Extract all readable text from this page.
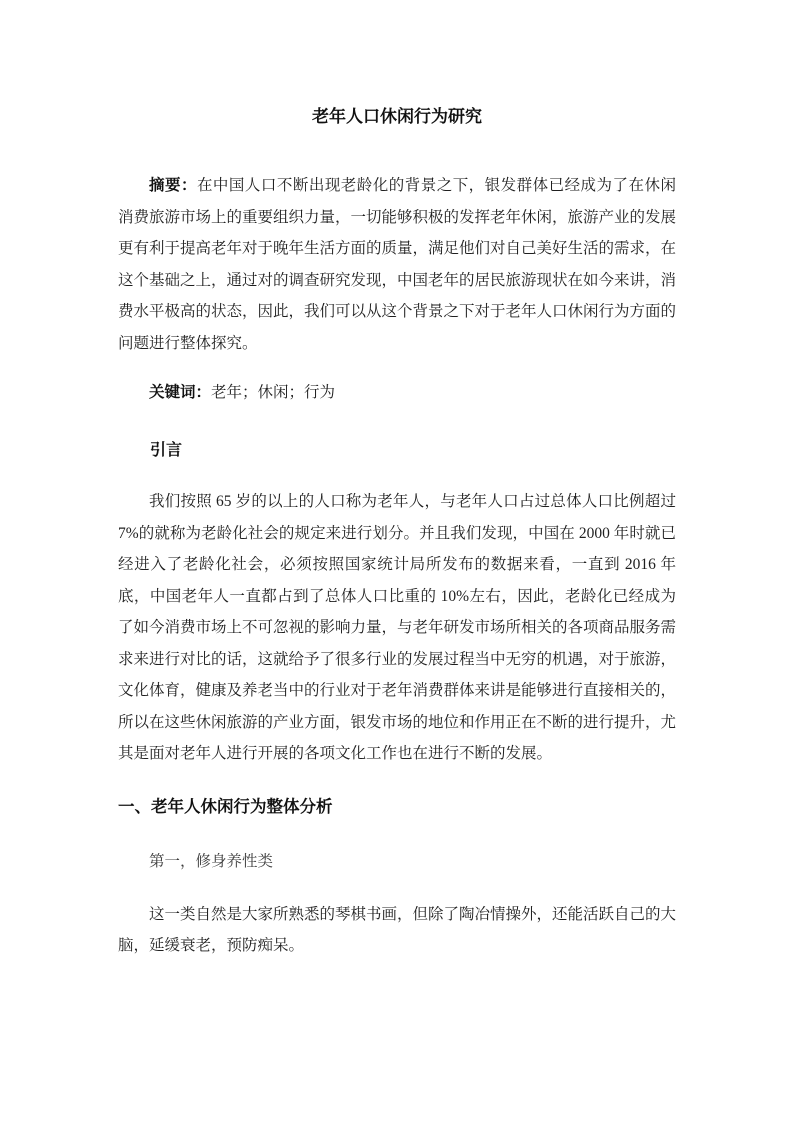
老年人口休闲行为研究

摘要：在中国人口不断出现老龄化的背景之下，银发群体已经成为了在休闲消费旅游市场上的重要组织力量，一切能够积极的发挥老年休闲，旅游产业的发展更有利于提高老年对于晚年生活方面的质量，满足他们对自己美好生活的需求，在这个基础之上，通过对的调查研究发现，中国老年的居民旅游现状在如今来讲，消费水平极高的状态，因此，我们可以从这个背景之下对于老年人口休闲行为方面的问题进行整体探究。

关键词：老年；休闲；行为

引言

我们按照 65 岁的以上的人口称为老年人，与老年人口占过总体人口比例超过 7%的就称为老龄化社会的规定来进行划分。并且我们发现，中国在 2000 年时就已经进入了老龄化社会，必须按照国家统计局所发布的数据来看，一直到 2016 年底，中国老年人一直都占到了总体人口比重的 10%左右，因此，老龄化已经成为了如今消费市场上不可忽视的影响力量，与老年研发市场所相关的各项商品服务需求来进行对比的话，这就给予了很多行业的发展过程当中无穷的机遇，对于旅游，文化体育，健康及养老当中的行业对于老年消费群体来讲是能够进行直接相关的，所以在这些休闲旅游的产业方面，银发市场的地位和作用正在不断的进行提升，尤其是面对老年人进行开展的各项文化工作也在进行不断的发展。

一、老年人休闲行为整体分析

第一，修身养性类

这一类自然是大家所熟悉的琴棋书画，但除了陶冶情操外，还能活跃自己的大脑，延缓衰老，预防痴呆。
